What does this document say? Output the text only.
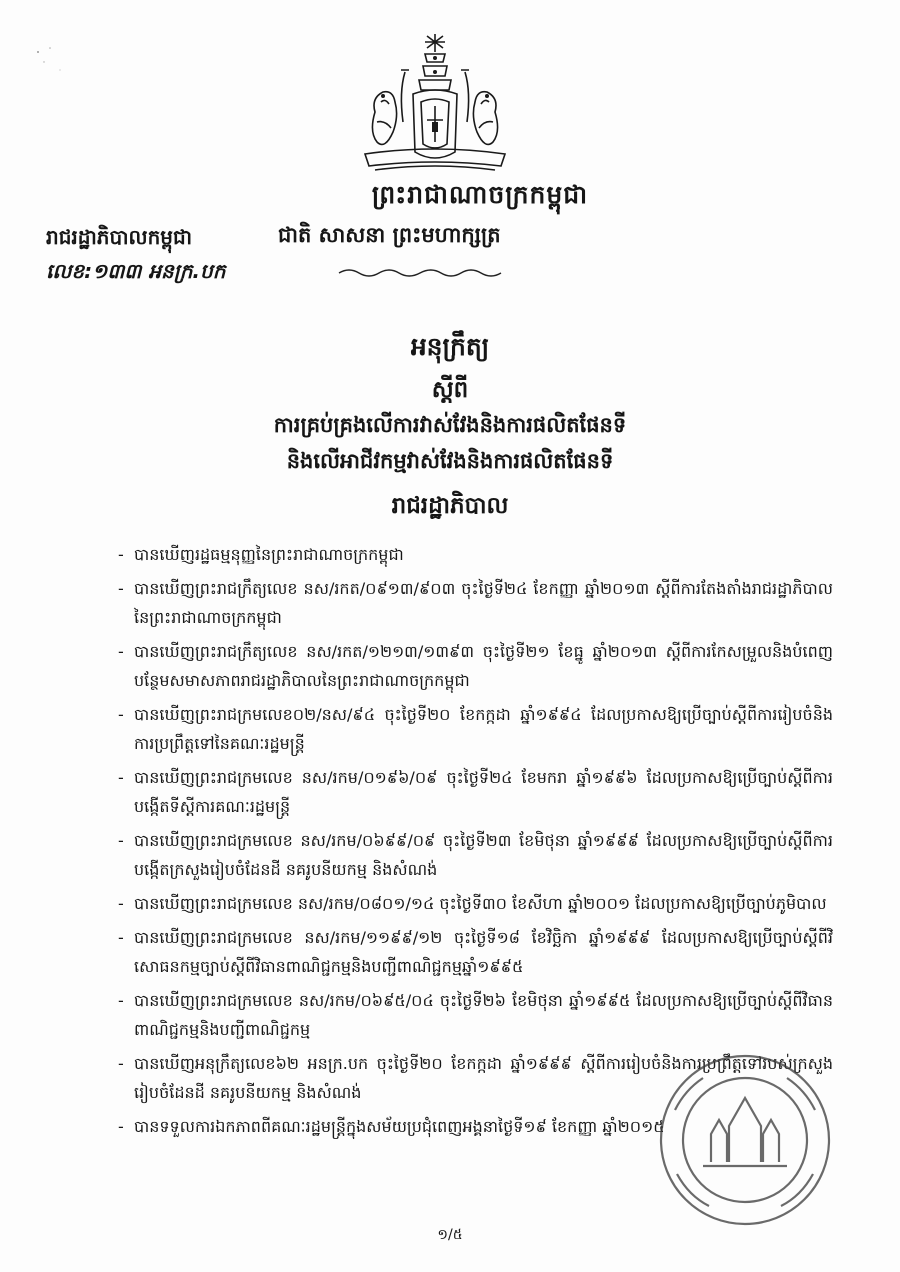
ព្រះរាជាណាចក្រកម្ពុជា
រាជរដ្ឋាភិបាលកម្ពុជា	ជាតិ សាសនា ព្រះមហាក្សត្រ
លេខ:១៣៣ អនក្រ.បក
អនុក្រឹត្យ
ស្តីពី
ការគ្រប់គ្រងលើការវាស់វែងនិងការផលិតផែនទី
និងលើអាជីវកម្មវាស់វែងនិងការផលិតផែនទី
រាជរដ្ឋាភិបាល
- បានឃើញរដ្ឋធម្មនុញ្ញនៃព្រះរាជាណាចក្រកម្ពុជា
- បានឃើញព្រះរាជក្រឹត្យលេខ នស/រកត/០៩១៣/៩០៣ ចុះថ្ងៃទី២៤ ខែកញ្ញា ឆ្នាំ២០១៣ ស្តីពីការតែងតាំងរាជរដ្ឋាភិបាលនៃព្រះរាជាណាចក្រកម្ពុជា
- បានឃើញព្រះរាជក្រឹត្យលេខ នស/រកត/១២១៣/១៣៩៣ ចុះថ្ងៃទី២១ ខែធ្នូ ឆ្នាំ២០១៣ ស្តីពីការកែសម្រួលនិងបំពេញបន្ថែមសមាសភាពរាជរដ្ឋាភិបាលនៃព្រះរាជាណាចក្រកម្ពុជា
- បានឃើញព្រះរាជក្រមលេខ០២/នស/៩៤ ចុះថ្ងៃទី២០ ខែកក្កដា ឆ្នាំ១៩៩៤ ដែលប្រកាសឱ្យប្រើច្បាប់ស្តីពីការរៀបចំនិងការប្រព្រឹត្តទៅនៃគណៈរដ្ឋមន្ត្រី
- បានឃើញព្រះរាជក្រមលេខ នស/រកម/០១៩៦/០៩ ចុះថ្ងៃទី២៤ ខែមករា ឆ្នាំ១៩៩៦ ដែលប្រកាសឱ្យប្រើច្បាប់ស្តីពីការបង្កើតទីស្តីការគណៈរដ្ឋមន្ត្រី
- បានឃើញព្រះរាជក្រមលេខ នស/រកម/០៦៩៩/០៩ ចុះថ្ងៃទី២៣ ខែមិថុនា ឆ្នាំ១៩៩៩ ដែលប្រកាសឱ្យប្រើច្បាប់ស្តីពីការបង្កើតក្រសួងរៀបចំដែនដី នគរូបនីយកម្ម និងសំណង់
- បានឃើញព្រះរាជក្រមលេខ នស/រកម/០៨០១/១៤ ចុះថ្ងៃទី៣០ ខែសីហា ឆ្នាំ២០០១ ដែលប្រកាសឱ្យប្រើច្បាប់ភូមិបាល
- បានឃើញព្រះរាជក្រមលេខ នស/រកម/១១៩៩/១២ ចុះថ្ងៃទី១៨ ខែវិច្ឆិកា ឆ្នាំ១៩៩៩ ដែលប្រកាសឱ្យប្រើច្បាប់ស្តីពីវិសោធនកម្មច្បាប់ស្តីពីវិធានពាណិជ្ជកម្មនិងបញ្ជីពាណិជ្ជកម្មឆ្នាំ១៩៩៥
- បានឃើញព្រះរាជក្រមលេខ នស/រកម/០៦៩៥/០៤ ចុះថ្ងៃទី២៦ ខែមិថុនា ឆ្នាំ១៩៩៥ ដែលប្រកាសឱ្យប្រើច្បាប់ស្តីពីវិធានពាណិជ្ជកម្មនិងបញ្ជីពាណិជ្ជកម្ម
- បានឃើញអនុក្រឹត្យលេខ៦២ អនក្រ.បក ចុះថ្ងៃទី២០ ខែកក្កដា ឆ្នាំ១៩៩៩ ស្តីពីការរៀបចំនិងការប្រព្រឹត្តទៅរបស់ក្រសួងរៀបចំដែនដី នគរូបនីយកម្ម និងសំណង់
- បានទទួលការឯកភាពពីគណៈរដ្ឋមន្ត្រីក្នុងសម័យប្រជុំពេញអង្គនាថ្ងៃទី១៩ ខែកញ្ញា ឆ្នាំ២០១៥
១/៥
